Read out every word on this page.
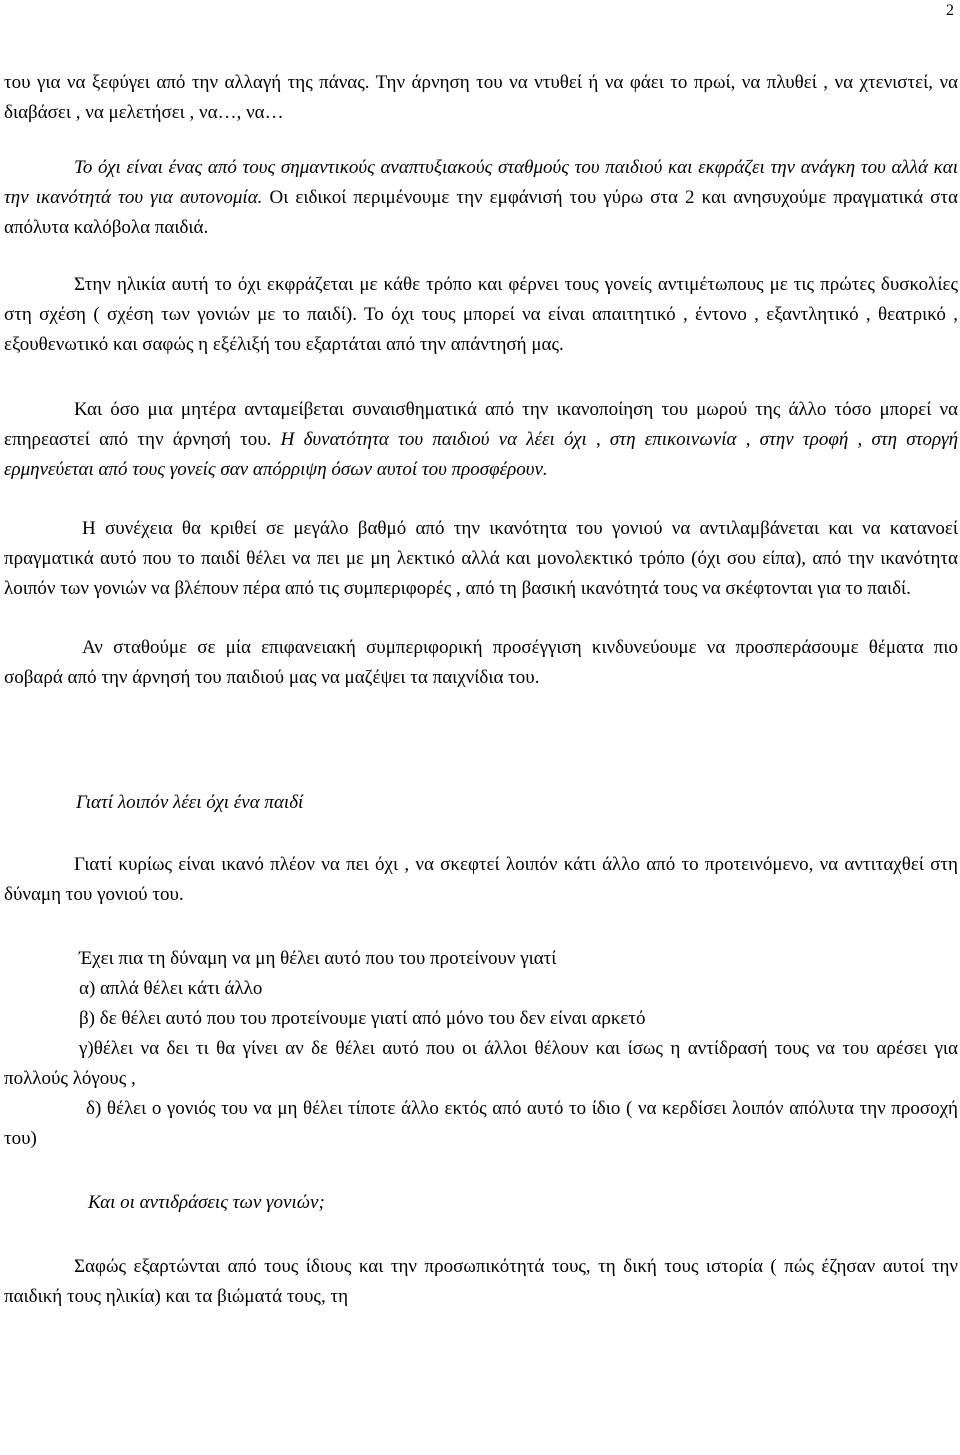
2

του για να ξεφύγει από την αλλαγή της πάνας. Την άρνηση του να ντυθεί ή να φάει το πρωί, να πλυθεί , να χτενιστεί, να διαβάσει , να μελετήσει , να…, να…

Το όχι είναι ένας από τους σημαντικούς αναπτυξιακούς σταθμούς του παιδιού και εκφράζει την ανάγκη του αλλά και την ικανότητά του για αυτονομία. Οι ειδικοί περιμένουμε την εμφάνισή του γύρω στα 2 και ανησυχούμε πραγματικά στα απόλυτα καλόβολα παιδιά.

Στην ηλικία αυτή το όχι εκφράζεται με κάθε τρόπο και φέρνει τους γονείς αντιμέτωπους με τις πρώτες δυσκολίες στη σχέση ( σχέση των γονιών με το παιδί). Το όχι τους μπορεί να είναι απαιτητικό , έντονο , εξαντλητικό , θεατρικό , εξουθενωτικό και σαφώς η εξέλιξή του εξαρτάται από την απάντησή μας.

Και όσο μια μητέρα ανταμείβεται συναισθηματικά από την ικανοποίηση του μωρού της άλλο τόσο μπορεί να επηρεαστεί από την άρνησή του. Η δυνατότητα του παιδιού να λέει όχι , στη επικοινωνία , στην τροφή , στη στοργή ερμηνεύεται από τους γονείς σαν απόρριψη όσων αυτοί του προσφέρουν.

Η συνέχεια θα κριθεί σε μεγάλο βαθμό από την ικανότητα του γονιού να αντιλαμβάνεται και να κατανοεί πραγματικά αυτό που το παιδί θέλει να πει με μη λεκτικό αλλά και μονολεκτικό τρόπο (όχι σου είπα), από την ικανότητα λοιπόν των γονιών να βλέπουν πέρα από τις συμπεριφορές , από τη βασική ικανότητά τους να σκέφτονται για το παιδί.

Αν σταθούμε σε μία επιφανειακή συμπεριφορική προσέγγιση κινδυνεύουμε να προσπεράσουμε θέματα πιο σοβαρά από την άρνησή του παιδιού μας να μαζέψει τα παιχνίδια του.

Γιατί λοιπόν λέει όχι ένα παιδί

Γιατί κυρίως είναι ικανό πλέον να πει όχι , να σκεφτεί λοιπόν κάτι άλλο από το προτεινόμενο, να αντιταχθεί στη δύναμη του γονιού του.

Έχει πια τη δύναμη να μη θέλει αυτό που του προτείνουν γιατί

α) απλά θέλει κάτι άλλο

β) δε θέλει αυτό που του προτείνουμε γιατί από μόνο του δεν είναι αρκετό

γ)θέλει να δει τι θα γίνει αν δε θέλει αυτό που οι άλλοι θέλουν και ίσως η αντίδρασή τους να του αρέσει για πολλούς λόγους ,

δ) θέλει ο γονιός του να μη θέλει τίποτε άλλο εκτός από αυτό το ίδιο ( να κερδίσει λοιπόν απόλυτα την προσοχή του)

Και οι αντιδράσεις των γονιών;

Σαφώς εξαρτώνται από τους ίδιους και την προσωπικότητά τους, τη δική τους ιστορία ( πώς έζησαν αυτοί την παιδική τους ηλικία) και τα βιώματά τους, τη
